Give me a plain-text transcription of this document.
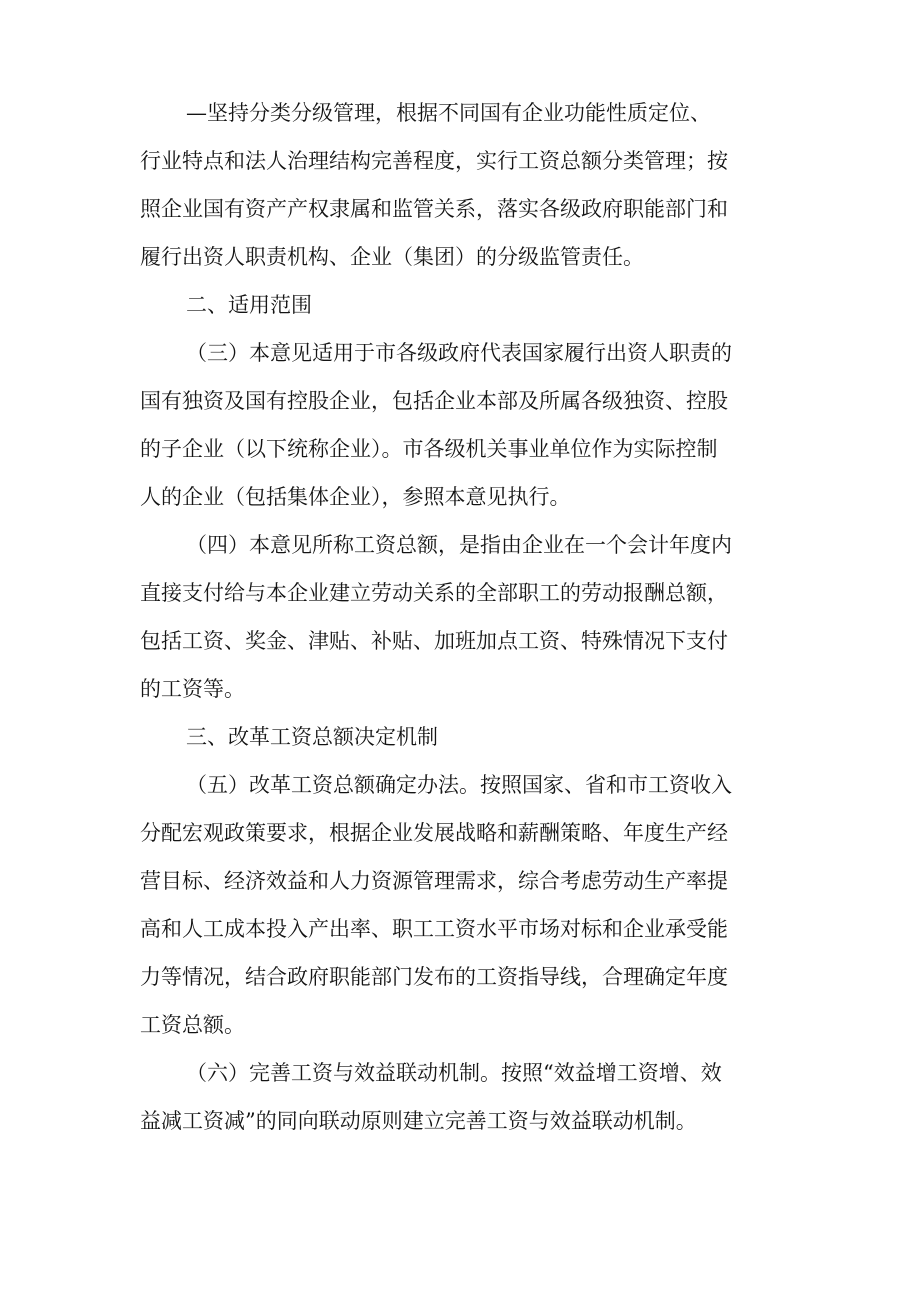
—坚持分类分级管理，根据不同国有企业功能性质定位、

行业特点和法人治理结构完善程度，实行工资总额分类管理；按

照企业国有资产产权隶属和监管关系，落实各级政府职能部门和

履行出资人职责机构、企业（集团）的分级监管责任。

二、适用范围

（三）本意见适用于市各级政府代表国家履行出资人职责的

国有独资及国有控股企业，包括企业本部及所属各级独资、控股

的子企业（以下统称企业）。市各级机关事业单位作为实际控制

人的企业（包括集体企业），参照本意见执行。

（四）本意见所称工资总额，是指由企业在一个会计年度内

直接支付给与本企业建立劳动关系的全部职工的劳动报酬总额，

包括工资、奖金、津贴、补贴、加班加点工资、特殊情况下支付

的工资等。

三、改革工资总额决定机制

（五）改革工资总额确定办法。按照国家、省和市工资收入

分配宏观政策要求，根据企业发展战略和薪酬策略、年度生产经

营目标、经济效益和人力资源管理需求，综合考虑劳动生产率提

高和人工成本投入产出率、职工工资水平市场对标和企业承受能

力等情况，结合政府职能部门发布的工资指导线，合理确定年度

工资总额。

（六）完善工资与效益联动机制。按照“效益增工资增、效

益减工资减”的同向联动原则建立完善工资与效益联动机制。
